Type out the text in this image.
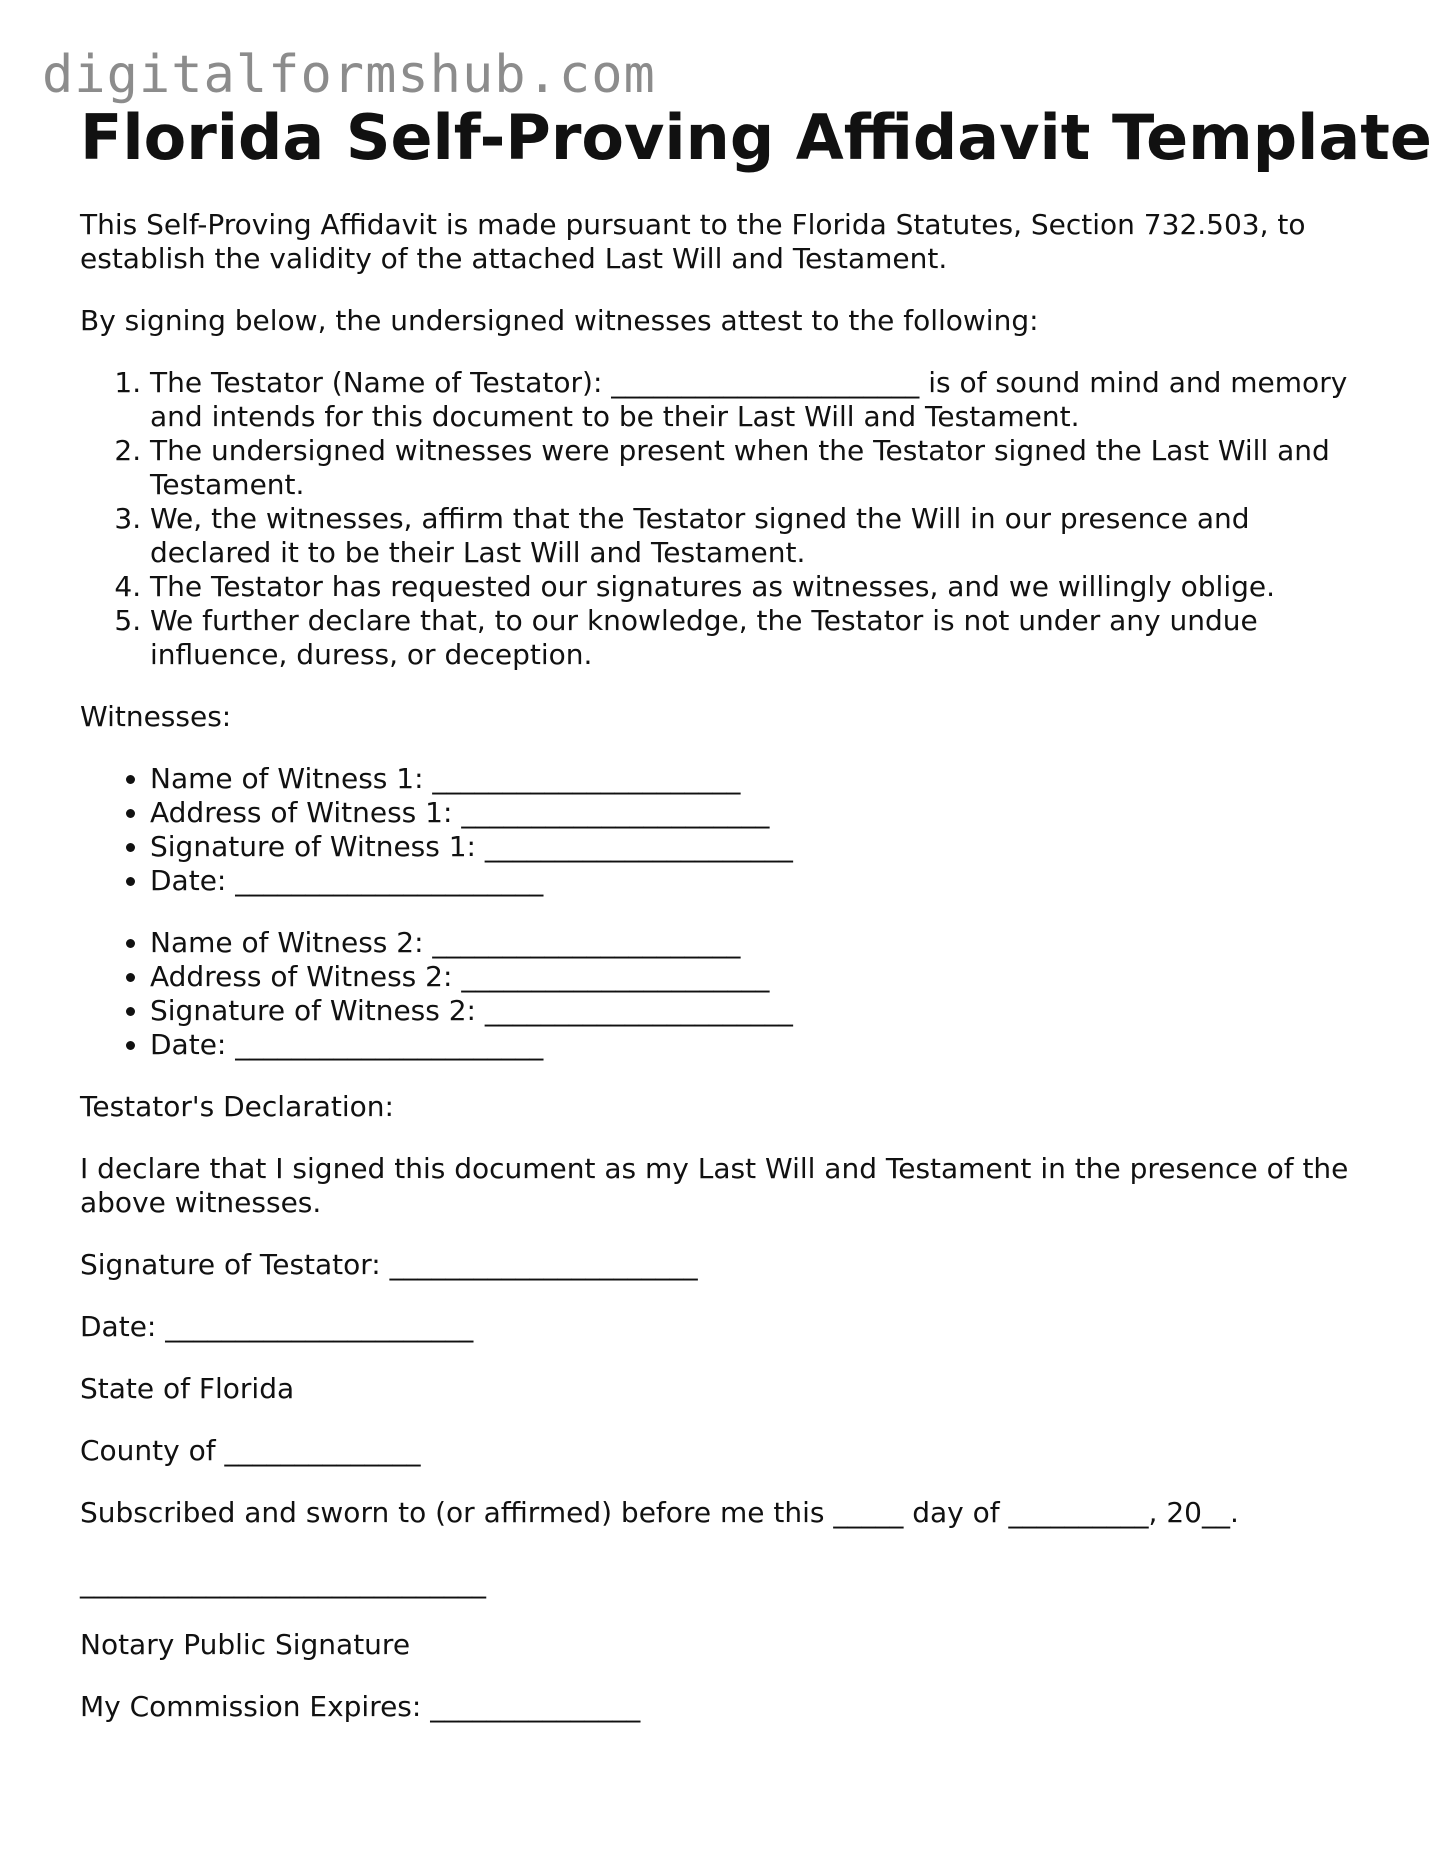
digitalformshub.com
Florida Self-Proving Affidavit Template

This Self-Proving Affidavit is made pursuant to the Florida Statutes, Section 732.503, to establish the validity of the attached Last Will and Testament.

By signing below, the undersigned witnesses attest to the following:

1. The Testator (Name of Testator): ______________________ is of sound mind and memory and intends for this document to be their Last Will and Testament.
2. The undersigned witnesses were present when the Testator signed the Last Will and Testament.
3. We, the witnesses, affirm that the Testator signed the Will in our presence and declared it to be their Last Will and Testament.
4. The Testator has requested our signatures as witnesses, and we willingly oblige.
5. We further declare that, to our knowledge, the Testator is not under any undue influence, duress, or deception.

Witnesses:

• Name of Witness 1: ______________________
• Address of Witness 1: ______________________
• Signature of Witness 1: ______________________
• Date: ______________________
• Name of Witness 2: ______________________
• Address of Witness 2: ______________________
• Signature of Witness 2: ______________________
• Date: ______________________

Testator's Declaration:

I declare that I signed this document as my Last Will and Testament in the presence of the above witnesses.

Signature of Testator: ______________________

Date: ______________________

State of Florida

County of ______________

Subscribed and sworn to (or affirmed) before me this _____ day of __________, 20__.

_____________________________

Notary Public Signature

My Commission Expires: _______________
